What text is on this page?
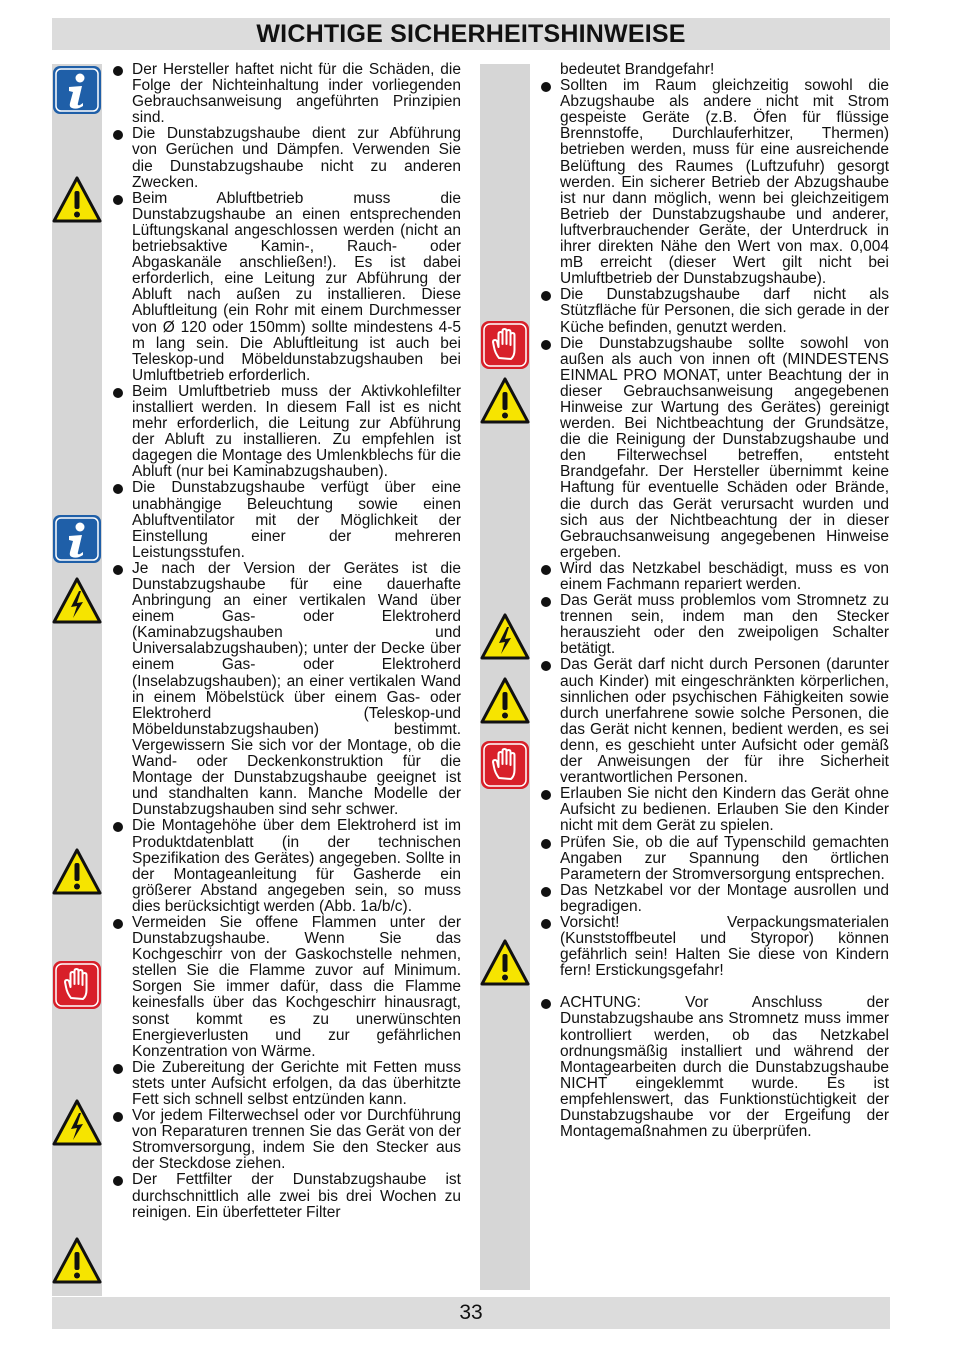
WICHTIGE SICHERHEITSHINWEISE
Der Hersteller haftet nicht für die Schäden, die Folge der Nichteinhaltung inder vorliegenden Gebrauchsanweisung angeführten Prinzipien sind.
Die Dunstabzugshaube dient zur Abführung von Gerüchen und Dämpfen. Verwenden Sie die Dunstabzugshaube nicht zu anderen Zwecken.
Beim Abluftbetrieb muss die Dunstabzugshaube an einen entsprechenden Lüftungskanal angeschlossen werden (nicht an betriebsaktive Kamin-, Rauch- oder Abgaskanäle anschließen!). Es ist dabei erforderlich, eine Leitung zur Abführung der Abluft nach außen zu installieren. Diese Abluftleitung (ein Rohr mit einem Durchmesser von Ø 120 oder 150mm) sollte mindestens 4-5 m lang sein. Die Abluftleitung ist auch bei Teleskop-und Möbeldunstabzugshauben bei Umluftbetrieb erforderlich.
Beim Umluftbetrieb muss der Aktivkohlefilter installiert werden. In diesem Fall ist es nicht mehr erforderlich, die Leitung zur Abführung der Abluft zu installieren. Zu empfehlen ist dagegen die Montage des Umlenkblechs für die Abluft (nur bei Kaminabzugshauben).
Die Dunstabzugshaube verfügt über eine unabhängige Beleuchtung sowie einen Abluftventilator mit der Möglichkeit der Einstellung einer der mehreren Leistungsstufen.
Je nach der Version der Gerätes ist die Dunstabzugshaube für eine dauerhafte Anbringung an einer vertikalen Wand über einem Gas- oder Elektroherd (Kaminabzugshauben und Universalabzugshauben); unter der Decke über einem Gas- oder Elektroherd (Inselabzugshauben); an einer vertikalen Wand in einem Möbelstück über einem Gas- oder Elektroherd (Teleskop-und Möbeldunstabzugshauben) bestimmt. Vergewissern Sie sich vor der Montage, ob die Wand- oder Deckenkonstruktion für die Montage der Dunstabzugshaube geeignet ist und standhalten kann. Manche Modelle der Dunstabzugshauben sind sehr schwer.
Die Montagehöhe über dem Elektroherd ist im Produktdatenblatt (in der technischen Spezifikation des Gerätes) angegeben. Sollte in der Montageanleitung für Gasherde ein größerer Abstand angegeben sein, so muss dies berücksichtigt werden (Abb. 1a/b/c).
Vermeiden Sie offene Flammen unter der Dunstabzugshaube. Wenn Sie das Kochgeschirr von der Gaskochstelle nehmen, stellen Sie die Flamme zuvor auf Minimum. Sorgen Sie immer dafür, dass die Flamme keinesfalls über das Kochgeschirr hinausragt, sonst kommt es zu unerwünschten Energieverlusten und zur gefährlichen Konzentration von Wärme.
Die Zubereitung der Gerichte mit Fetten muss stets unter Aufsicht erfolgen, da das überhitzte Fett sich schnell selbst entzünden kann.
Vor jedem Filterwechsel oder vor Durchführung von Reparaturen trennen Sie das Gerät von der Stromversorgung, indem Sie den Stecker aus der Steckdose ziehen.
Der Fettfilter der Dunstabzugshaube ist durchschnittlich alle zwei bis drei Wochen zu reinigen. Ein überfetteter Filter
bedeutet Brandgefahr!
Sollten im Raum gleichzeitig sowohl die Abzugshaube als andere nicht mit Strom gespeiste Geräte (z.B. Öfen für flüssige Brennstoffe, Durchlauferhitzer, Thermen) betrieben werden, muss für eine ausreichende Belüftung des Raumes (Luftzufuhr) gesorgt werden. Ein sicherer Betrieb der Abzugshaube ist nur dann möglich, wenn bei gleichzeitigem Betrieb der Dunstabzugshaube und anderer, luftverbrauchender Geräte, der Unterdruck in ihrer direkten Nähe den Wert von max. 0,004 mB erreicht (dieser Wert gilt nicht bei Umluftbetrieb der Dunstabzugshaube).
Die Dunstabzugshaube darf nicht als Stützfläche für Personen, die sich gerade in der Küche befinden, genutzt werden.
Die Dunstabzugshaube sollte sowohl von außen als auch von innen oft (MINDESTENS EINMAL PRO MONAT, unter Beachtung der in dieser Gebrauchsanweisung angegebenen Hinweise zur Wartung des Gerätes) gereinigt werden. Bei Nichtbeachtung der Grundsätze, die die Reinigung der Dunstabzugshaube und den Filterwechsel betreffen, entsteht Brandgefahr. Der Hersteller übernimmt keine Haftung für eventuelle Schäden oder Brände, die durch das Gerät verursacht wurden und sich aus der Nichtbeachtung der in dieser Gebrauchsanweisung angegebenen Hinweise ergeben.
Wird das Netzkabel beschädigt, muss es von einem Fachmann repariert werden.
Das Gerät muss problemlos vom Stromnetz zu trennen sein, indem man den Stecker herauszieht oder den zweipoligen Schalter betätigt.
Das Gerät darf nicht durch Personen (darunter auch Kinder) mit eingeschränkten körperlichen, sinnlichen oder psychischen Fähigkeiten sowie durch unerfahrene sowie solche Personen, die das Gerät nicht kennen, bedient werden, es sei denn, es geschieht unter Aufsicht oder gemäß der Anweisungen der für ihre Sicherheit verantwortlichen Personen.
Erlauben Sie nicht den Kindern das Gerät ohne Aufsicht zu bedienen. Erlauben Sie den Kinder nicht mit dem Gerät zu spielen.
Prüfen Sie, ob die auf Typenschild gemachten Angaben zur Spannung den örtlichen Parametern der Stromversorgung entsprechen.
Das Netzkabel vor der Montage ausrollen und begradigen.
Vorsicht! Verpackungsmaterialen (Kunststoffbeutel und Styropor) können gefährlich sein! Halten Sie diese von Kindern fern! Erstickungsgefahr!
ACHTUNG: Vor Anschluss der Dunstabzugshaube ans Stromnetz muss immer kontrolliert werden, ob das Netzkabel ordnungsmäßig installiert und während der Montagearbeiten durch die Dunstabzugshaube NICHT eingeklemmt wurde. Es ist empfehlenswert, das Funktionstüchtigkeit der Dunstabzugshaube vor der Ergeifung der Montagemaßnahmen zu überprüfen.
33
